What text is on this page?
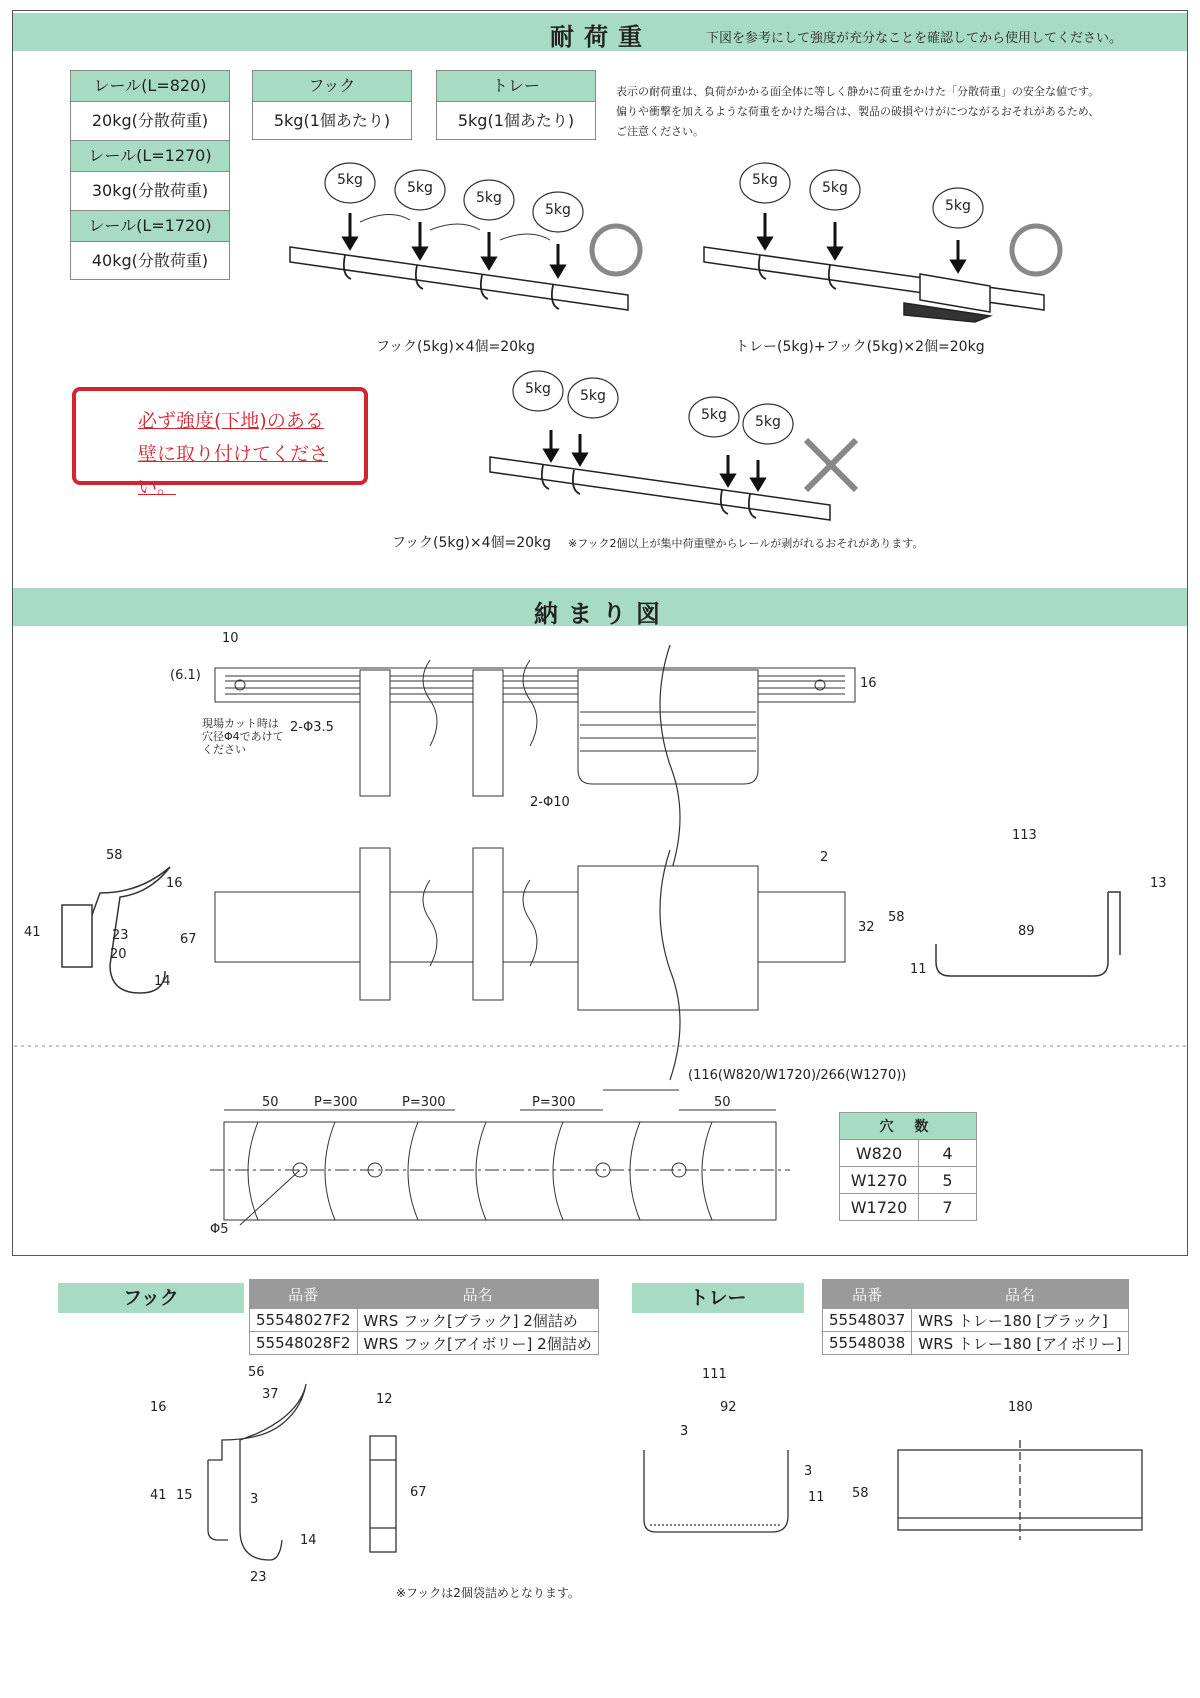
耐荷重	下図を参考にして強度が充分なことを確認してから使用してください。
レール(L=820)
20kg(分散荷重)
レール(L=1270)
30kg(分散荷重)
レール(L=1720)
40kg(分散荷重)
フック
5kg(1個あたり)
トレー
5kg(1個あたり)
表示の耐荷重は、負荷がかかる面全体に等しく静かに荷重をかけた「分散荷重」の安全な値です。
偏りや衝撃を加えるような荷重をかけた場合は、製品の破損やけがにつながるおそれがあるため、
ご注意ください。
5kg	5kg
5kg
5kg
5kg	5kg
5kg
5kg 5kg
5kg 5kg
フック(5kg)×4個=20kg	トレー(5kg)+フック(5kg)×2個=20kg
フック(5kg)×4個=20kg ※フック2個以上が集中荷重壁からレールが剥がれるおそれがあります。
必ず強度(下地)のある
壁に取り付けてください。
納まり図
10
(6.1)
16
2-Φ3.5
現場カット時は
穴径Φ4であけて
ください
2-Φ10
58
16
41	67
23
20
14
2
32
113
13
58
89
11
50	P=300	P=300	P=300
(116(W820/W1720)/266(W1270))
50
Φ5
穴 数	
W820	4
W1270	5
W1720	7
フック	品番	品名
55548027F2	WRS フック[ブラック] 2個詰め
55548028F2	WRS フック[アイボリー] 2個詰め
トレー	品番	品名
55548037	WRS トレー180 [ブラック]
55548038	WRS トレー180 [アイボリー]
56
37
16
41 15	3
14
23
12
67
※フックは2個袋詰めとなります。
111
92
3
3
11 58
180
